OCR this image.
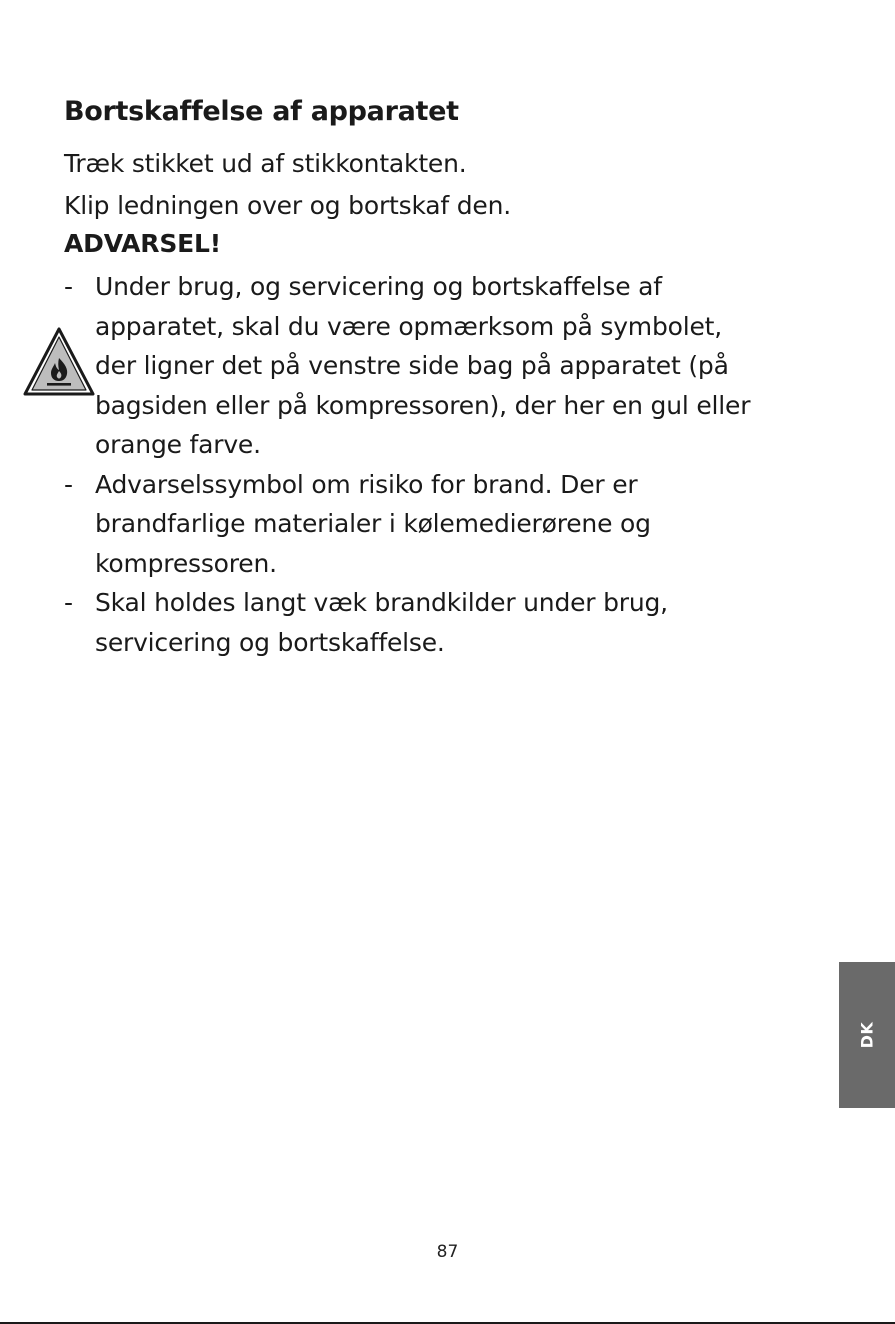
Bortskaffelse af apparatet

Træk stikket ud af stikkontakten.

Klip ledningen over og bortskaf den.

ADVARSEL!

- Under brug, og servicering og bortskaffelse af
apparatet, skal du være opmærksom på symbolet,
der ligner det på venstre side bag på apparatet (på
bagsiden eller på kompressoren), der her en gul eller
orange farve.
- Advarselssymbol om risiko for brand. Der er
brandfarlige materialer i kølemedierørene og
kompressoren.
- Skal holdes langt væk brandkilder under brug,
servicering og bortskaffelse.
DK
87
